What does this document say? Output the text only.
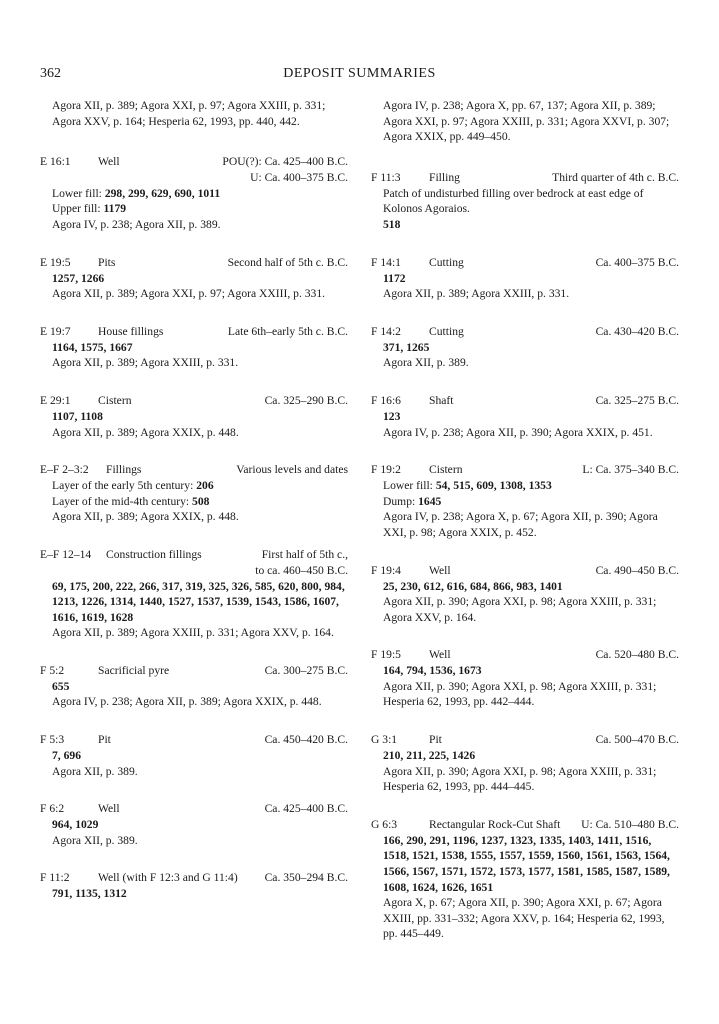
362	DEPOSIT SUMMARIES
Agora XII, p. 389; Agora XXI, p. 97; Agora XXIII, p. 331; Agora XXV, p. 164; Hesperia 62, 1993, pp. 440, 442.
E 16:1 Well	POU(?): Ca. 425–400 B.C.
U: Ca. 400–375 B.C.
Lower fill: 298, 299, 629, 690, 1011
Upper fill: 1179
Agora IV, p. 238; Agora XII, p. 389.
E 19:5 Pits	Second half of 5th c. B.C.
1257, 1266
Agora XII, p. 389; Agora XXI, p. 97; Agora XXIII, p. 331.
E 19:7 House fillings	Late 6th–early 5th c. B.C.
1164, 1575, 1667
Agora XII, p. 389; Agora XXIII, p. 331.
E 29:1 Cistern	Ca. 325–290 B.C.
1107, 1108
Agora XII, p. 389; Agora XXIX, p. 448.
E–F 2–3:2 Fillings	Various levels and dates
Layer of the early 5th century: 206
Layer of the mid-4th century: 508
Agora XII, p. 389; Agora XXIX, p. 448.
E–F 12–14 Construction fillings	First half of 5th c.,
to ca. 460–450 B.C.
69, 175, 200, 222, 266, 317, 319, 325, 326, 585, 620, 800, 984, 1213, 1226, 1314, 1440, 1527, 1537, 1539, 1543, 1586, 1607, 1616, 1619, 1628
Agora XII, p. 389; Agora XXIII, p. 331; Agora XXV, p. 164.
F 5:2	Sacrificial pyre	Ca. 300–275 B.C.
655
Agora IV, p. 238; Agora XII, p. 389; Agora XXIX, p. 448.
F 5:3	Pit	Ca. 450–420 B.C.
7, 696
Agora XII, p. 389.
F 6:2	Well	Ca. 425–400 B.C.
964, 1029
Agora XII, p. 389.
F 11:2 Well (with F 12:3 and G 11:4) Ca. 350–294 B.C.
791, 1135, 1312
Agora IV, p. 238; Agora X, pp. 67, 137; Agora XII, p. 389; Agora XXI, p. 97; Agora XXIII, p. 331; Agora XXVI, p. 307; Agora XXIX, pp. 449–450.
F 11:3 Filling	Third quarter of 4th c. B.C.
Patch of undisturbed filling over bedrock at east edge of Kolonos Agoraios.
518
F 14:1 Cutting	Ca. 400–375 B.C.
1172
Agora XII, p. 389; Agora XXIII, p. 331.
F 14:2 Cutting	Ca. 430–420 B.C.
371, 1265
Agora XII, p. 389.
F 16:6 Shaft	Ca. 325–275 B.C.
123
Agora IV, p. 238; Agora XII, p. 390; Agora XXIX, p. 451.
F 19:2 Cistern	L: Ca. 375–340 B.C.
Lower fill: 54, 515, 609, 1308, 1353
Dump: 1645
Agora IV, p. 238; Agora X, p. 67; Agora XII, p. 390; Agora XXI, p. 98; Agora XXIX, p. 452.
F 19:4 Well	Ca. 490–450 B.C.
25, 230, 612, 616, 684, 866, 983, 1401
Agora XII, p. 390; Agora XXI, p. 98; Agora XXIII, p. 331; Agora XXV, p. 164.
F 19:5 Well	Ca. 520–480 B.C.
164, 794, 1536, 1673
Agora XII, p. 390; Agora XXI, p. 98; Agora XXIII, p. 331; Hesperia 62, 1993, pp. 442–444.
G 3:1	Pit	Ca. 500–470 B.C.
210, 211, 225, 1426
Agora XII, p. 390; Agora XXI, p. 98; Agora XXIII, p. 331; Hesperia 62, 1993, pp. 444–445.
G 6:3	Rectangular Rock-Cut Shaft U: Ca. 510–480 B.C.
166, 290, 291, 1196, 1237, 1323, 1335, 1403, 1411, 1516, 1518, 1521, 1538, 1555, 1557, 1559, 1560, 1561, 1563, 1564, 1566, 1567, 1571, 1572, 1573, 1577, 1581, 1585, 1587, 1589, 1608, 1624, 1626, 1651
Agora X, p. 67; Agora XII, p. 390; Agora XXI, p. 67; Agora XXIII, pp. 331–332; Agora XXV, p. 164; Hesperia 62, 1993, pp. 445–449.
